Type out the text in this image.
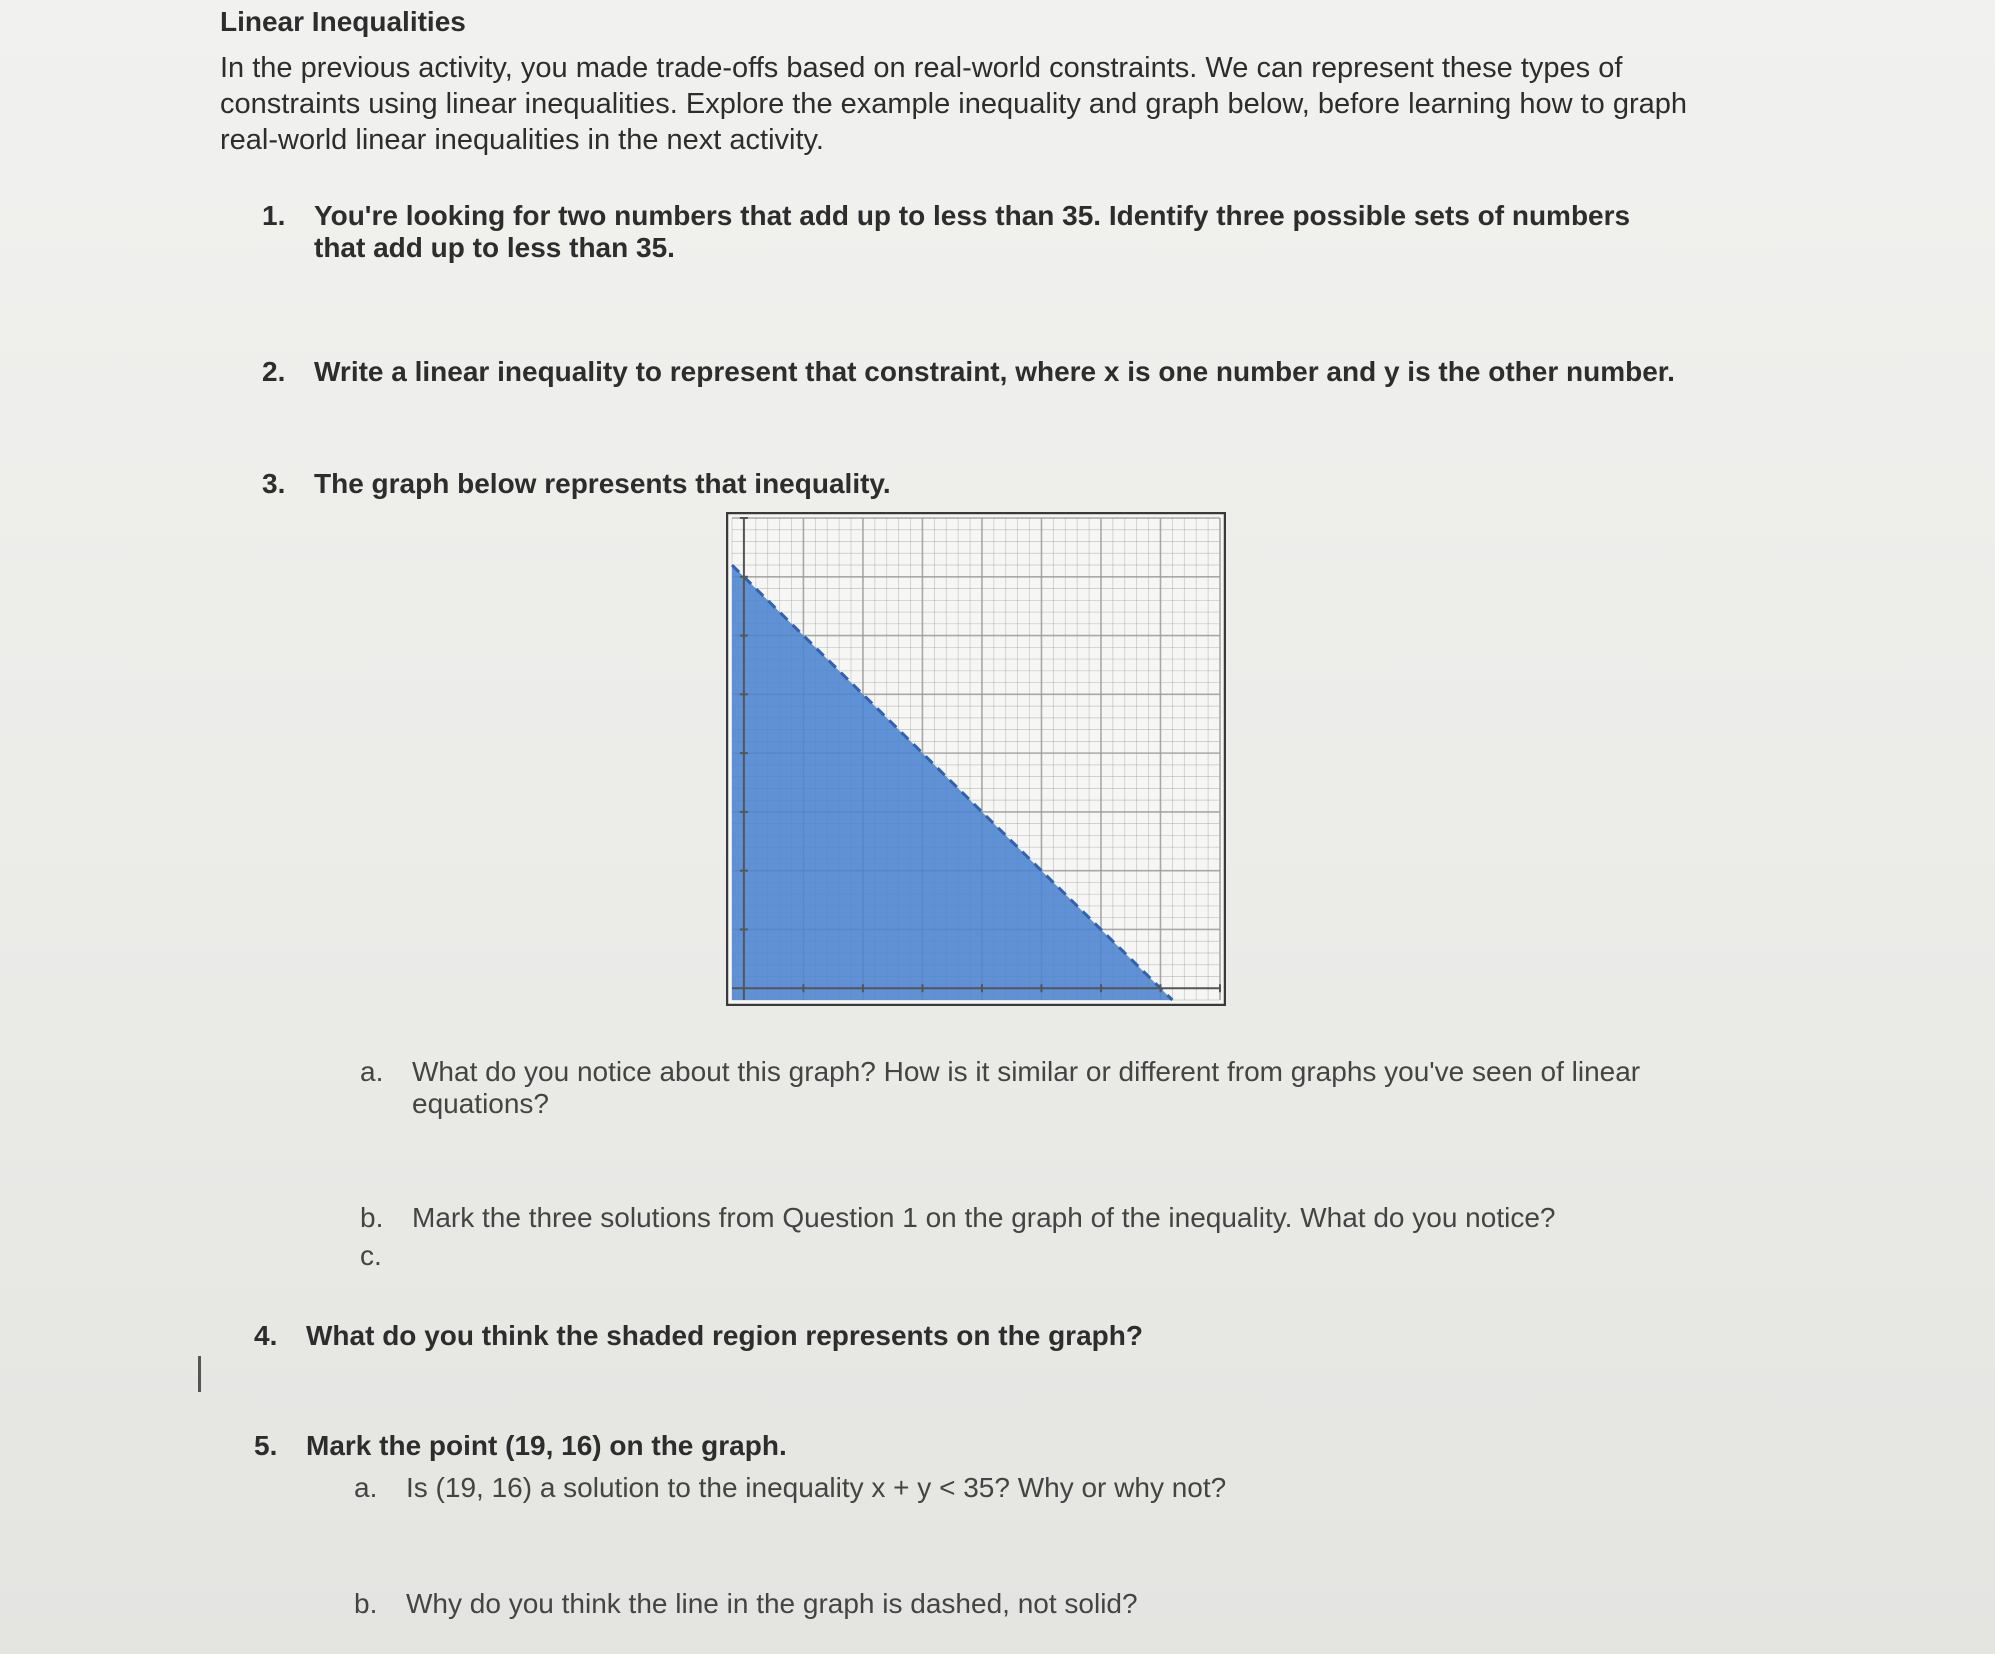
Linear Inequalities

In the previous activity, you made trade-offs based on real-world constraints. We can represent these types of constraints using linear inequalities. Explore the example inequality and graph below, before learning how to graph real-world linear inequalities in the next activity.

1. You're looking for two numbers that add up to less than 35. Identify three possible sets of numbers that add up to less than 35.
2. Write a linear inequality to represent that constraint, where x is one number and y is the other number.
3. The graph below represents that inequality.
a. What do you notice about this graph? How is it similar or different from graphs you've seen of linear equations?
b. Mark the three solutions from Question 1 on the graph of the inequality. What do you notice?
c.
4. What do you think the shaded region represents on the graph?
5. Mark the point (19, 16) on the graph.
a. Is (19, 16) a solution to the inequality x + y < 35? Why or why not?
b. Why do you think the line in the graph is dashed, not solid?
